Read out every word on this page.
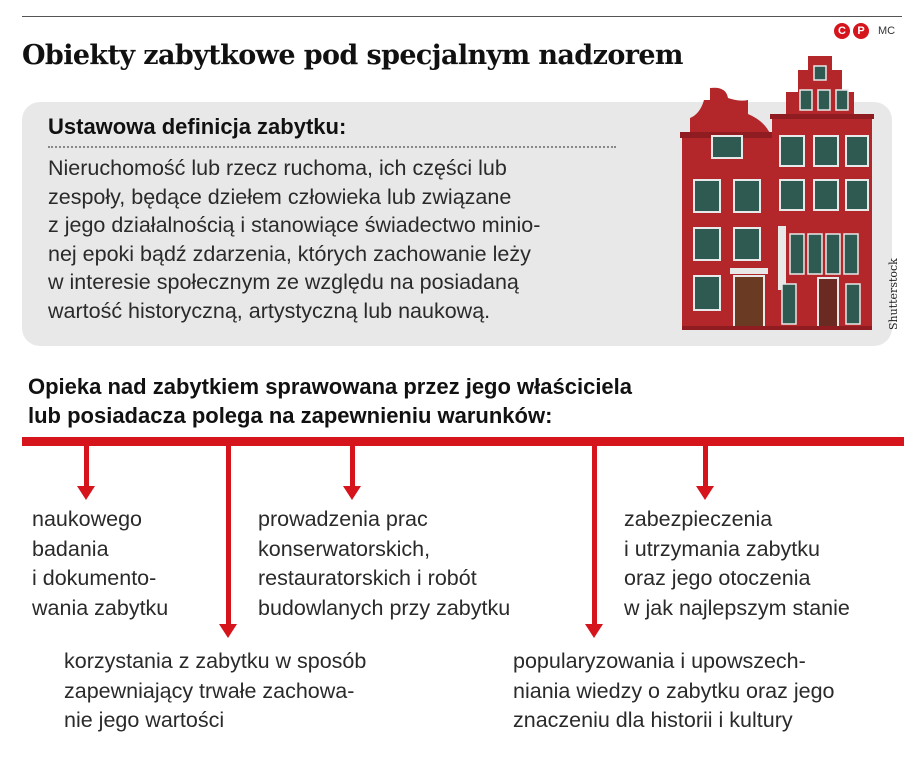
Obiekty zabytkowe pod specjalnym nadzorem
C	P	MC
Ustawowa definicja zabytku:
Nieruchomość lub rzecz ruchoma, ich części lub
zespoły, będące dziełem człowieka lub związane
z jego działalnością i stanowiące świadectwo minio-
nej epoki bądź zdarzenia, których zachowanie leży
w interesie społecznym ze względu na posiadaną
wartość historyczną, artystyczną lub naukową.	Shutterstock
Opieka nad zabytkiem sprawowana przez jego właściciela
lub posiadacza polega na zapewnieniu warunków:
naukowego
badania
i dokumento-
wania zabytku
korzystania z zabytku w sposób
zapewniający trwałe zachowa-
nie jego wartości
prowadzenia prac
konserwatorskich,
restauratorskich i robót
budowlanych przy zabytku
popularyzowania i upowszech-
niania wiedzy o zabytku oraz jego
znaczeniu dla historii i kultury
zabezpieczenia
i utrzymania zabytku
oraz jego otoczenia
w jak najlepszym stanie
